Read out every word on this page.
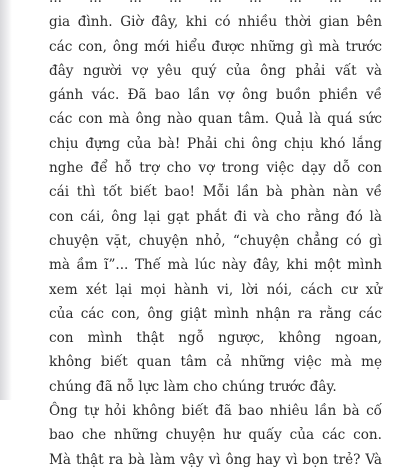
gia đình. Giờ đây, khi có nhiều thời gian bên
các con, ông mới hiểu được những gì mà trước
đây người vợ yêu quý của ông phải vất và
gánh vác. Đã bao lần vợ ông buồn phiền về
các con mà ông nào quan tâm. Quả là quá sức
chịu đựng của bà! Phải chi ông chịu khó lắng
nghe để hỗ trợ cho vợ trong việc dạy dỗ con
cái thì tốt biết bao! Mỗi lần bà phàn nàn về
con cái, ông lại gạt phắt đi và cho rằng đó là
chuyện vặt, chuyện nhỏ, “chuyện chẳng có gì
mà ầm ĩ”... Thế mà lúc này đây, khi một mình
xem xét lại mọi hành vi, lời nói, cách cư xử
của các con, ông giật mình nhận ra rằng các
con mình thật ngỗ ngược, không ngoan,
không biết quan tâm cả những việc mà mẹ
chúng đã nỗ lực làm cho chúng trước đây.
Ông tự hỏi không biết đã bao nhiêu lần bà cố
bao che những chuyện hư quấy của các con.
Mà thật ra bà làm vậy vì ông hay vì bọn trẻ? Và
